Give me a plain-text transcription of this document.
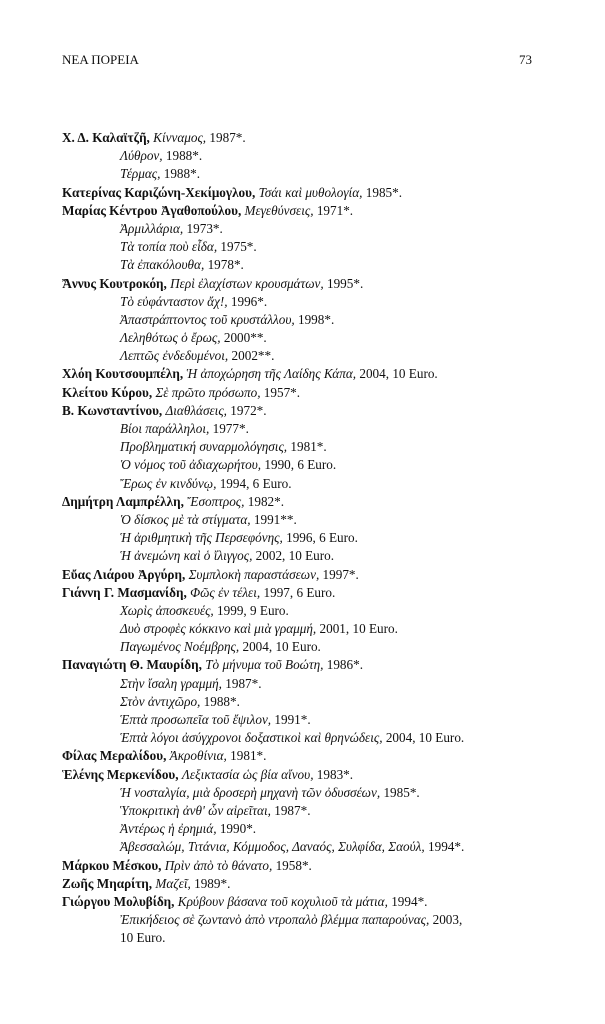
ΝΕΑ ΠΟΡΕΙΑ	73
Χ. Δ. Καλαϊτζῆ, Κίνναμος, 1987*.
Λύθρον, 1988*.
Τέρμας, 1988*.
Κατερίνας Καριζώνη-Χεκίμογλου, Τσάι καὶ μυθολογία, 1985*.
Μαρίας Κέντρου Ἀγαθοπούλου, Μεγεθύνσεις, 1971*.
Ἀρμιλλάρια, 1973*.
Τὰ τοπία ποὺ εἶδα, 1975*.
Τὰ ἐπακόλουθα, 1978*.
Ἄννυς Κουτροκόη, Περὶ ἐλαχίστων κρουσμάτων, 1995*.
Τὸ εὐφάνταστον ἄχ!, 1996*.
Ἀπαστράπτοντος τοῦ κρυστάλλου, 1998*.
Λεληθότως ὁ ἔρως, 2000**.
Λεπτῶς ἐνδεδυμένοι, 2002**.
Χλόη Κουτσουμπέλη, Ἡ ἀποχώρηση τῆς Λαίδης Κάπα, 2004, 10 Euro.
Κλείτου Κύρου, Σὲ πρῶτο πρόσωπο, 1957*.
Β. Κωνσταντίνου, Διαθλάσεις, 1972*.
Βίοι παράλληλοι, 1977*.
Προβληματική συναρμολόγησις, 1981*.
Ὁ νόμος τοῦ ἀδιαχωρήτου, 1990, 6 Euro.
Ἔρως ἐν κινδύνῳ, 1994, 6 Euro.
Δημήτρη Λαμπρέλλη, Ἔσοπτρος, 1982*.
Ὁ δίσκος μὲ τὰ στίγματα, 1991**.
Ἡ ἀριθμητικὴ τῆς Περσεφόνης, 1996, 6 Euro.
Ἡ ἀνεμώνη καὶ ὁ ἴλιγγος, 2002, 10 Euro.
Εὔας Λιάρου Ἀργύρη, Συμπλοκὴ παραστάσεων, 1997*.
Γιάννη Γ. Μασμανίδη, Φῶς ἐν τέλει, 1997, 6 Euro.
Χωρὶς ἀποσκευές, 1999, 9 Euro.
Δυὸ στροφὲς κόκκινο καὶ μιὰ γραμμή, 2001, 10 Euro.
Παγωμένος Νοέμβρης, 2004, 10 Euro.
Παναγιώτη Θ. Μαυρίδη, Τὸ μήνυμα τοῦ Βοώτη, 1986*.
Στὴν ἴσαλη γραμμή, 1987*.
Στὸν ἀντιχῶρο, 1988*.
Ἑπτὰ προσωπεῖα τοῦ ἔψιλον, 1991*.
Ἑπτὰ λόγοι ἀσύγχρονοι δοξαστικοὶ καὶ θρηνώδεις, 2004, 10 Euro.
Φίλας Μεραλίδου, Ἀκροθίνια, 1981*.
Ἑλένης Μερκενίδου, Λεξικτασία ὡς βία αἴνου, 1983*.
Ἡ νοσταλγία, μιὰ δροσερὴ μηχανὴ τῶν ὀδυσσέων, 1985*.
Ὑποκριτικὴ ἀνθ' ὧν αἱρεῖται, 1987*.
Ἀντέρως ἡ ἐρημιά, 1990*.
Ἀβεσσαλώμ, Τιτάνια, Κόμμοδος, Δαναός, Συλφίδα, Σαούλ, 1994*.
Μάρκου Μέσκου, Πρὶν ἀπὸ τὸ θάνατο, 1958*.
Ζωῆς Μηαρίτη, Μαζεῖ, 1989*.
Γιώργου Μολυβίδη, Κρύβουν βάσανα τοῦ κοχυλιοῦ τὰ μάτια, 1994*.
Ἐπικήδειος σὲ ζωντανὸ ἀπὸ ντροπαλὸ βλέμμα παπαρούνας, 2003,
10 Euro.
